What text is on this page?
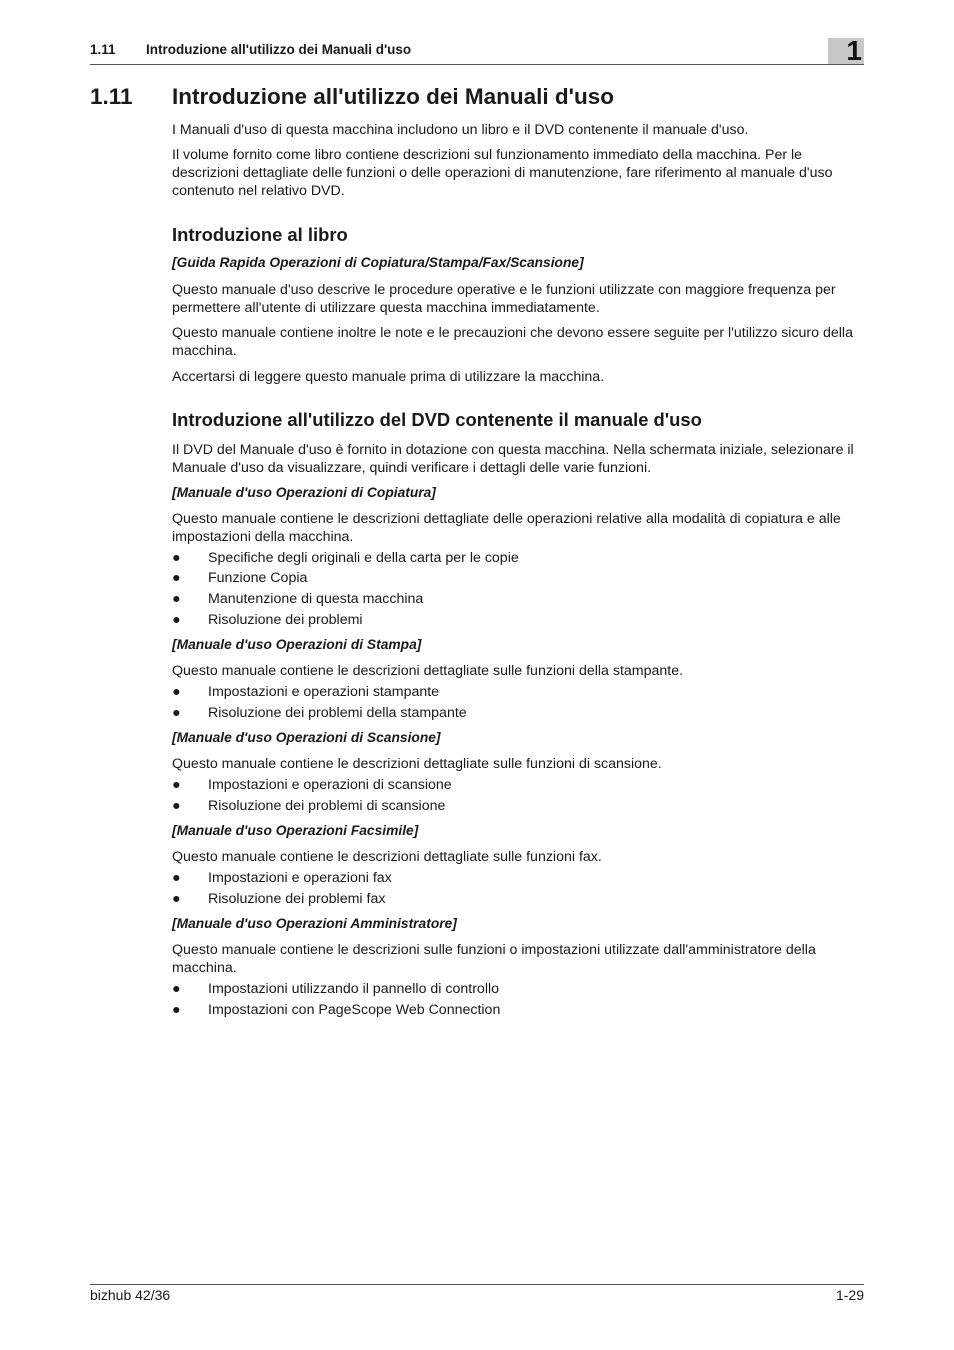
1.11 Introduzione all'utilizzo dei Manuali d'uso	1
1.11 Introduzione all'utilizzo dei Manuali d'uso

I Manuali d'uso di questa macchina includono un libro e il DVD contenente il manuale d'uso.

Il volume fornito come libro contiene descrizioni sul funzionamento immediato della macchina. Per le
descrizioni dettagliate delle funzioni o delle operazioni di manutenzione, fare riferimento al manuale d'uso
contenuto nel relativo DVD.

Introduzione al libro
[Guida Rapida Operazioni di Copiatura/Stampa/Fax/Scansione]

Questo manuale d'uso descrive le procedure operative e le funzioni utilizzate con maggiore frequenza per
permettere all'utente di utilizzare questa macchina immediatamente.

Questo manuale contiene inoltre le note e le precauzioni che devono essere seguite per l'utilizzo sicuro della
macchina.

Accertarsi di leggere questo manuale prima di utilizzare la macchina.

Introduzione all'utilizzo del DVD contenente il manuale d'uso

Il DVD del Manuale d'uso è fornito in dotazione con questa macchina. Nella schermata iniziale, selezionare il
Manuale d'uso da visualizzare, quindi verificare i dettagli delle varie funzioni.

[Manuale d'uso Operazioni di Copiatura]

Questo manuale contiene le descrizioni dettagliate delle operazioni relative alla modalità di copiatura e alle
impostazioni della macchina.

●	Specifiche degli originali e della carta per le copie
●	Funzione Copia
●	Manutenzione di questa macchina
●	Risoluzione dei problemi
[Manuale d'uso Operazioni di Stampa]

Questo manuale contiene le descrizioni dettagliate sulle funzioni della stampante.

●	Impostazioni e operazioni stampante
●	Risoluzione dei problemi della stampante
[Manuale d'uso Operazioni di Scansione]

Questo manuale contiene le descrizioni dettagliate sulle funzioni di scansione.

●	Impostazioni e operazioni di scansione
●	Risoluzione dei problemi di scansione
[Manuale d'uso Operazioni Facsimile]

Questo manuale contiene le descrizioni dettagliate sulle funzioni fax.

●	Impostazioni e operazioni fax
●	Risoluzione dei problemi fax
[Manuale d'uso Operazioni Amministratore]

Questo manuale contiene le descrizioni sulle funzioni o impostazioni utilizzate dall'amministratore della
macchina.

●	Impostazioni utilizzando il pannello di controllo
●	Impostazioni con PageScope Web Connection
bizhub 42/36	1-29
